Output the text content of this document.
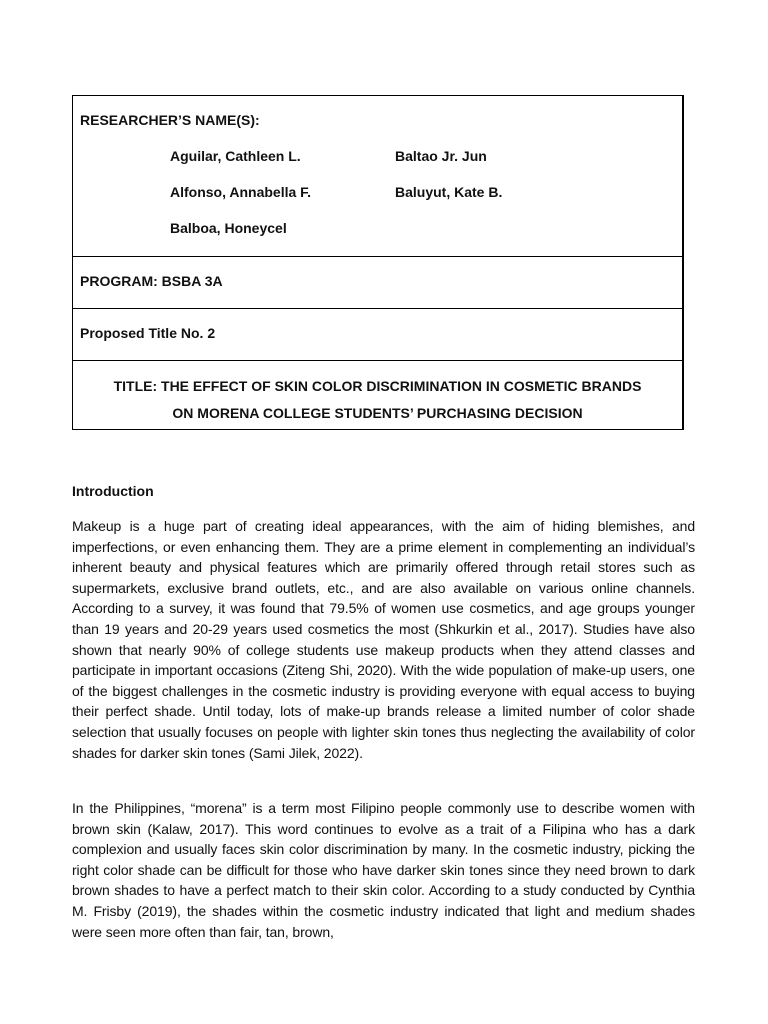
RESEARCHER’S NAME(S):
Aguilar, Cathleen L.	Baltao Jr. Jun
Alfonso, Annabella F.	Baluyut, Kate B.
Balboa, Honeycel
PROGRAM: BSBA 3A
Proposed Title No. 2
TITLE: THE EFFECT OF SKIN COLOR DISCRIMINATION IN COSMETIC BRANDS
ON MORENA COLLEGE STUDENTS’ PURCHASING DECISION
Introduction

Makeup is a huge part of creating ideal appearances, with the aim of hiding blemishes, and imperfections, or even enhancing them. They are a prime element in complementing an individual’s inherent beauty and physical features which are primarily offered through retail stores such as supermarkets, exclusive brand outlets, etc., and are also available on various online channels. According to a survey, it was found that 79.5% of women use cosmetics, and age groups younger than 19 years and 20-29 years used cosmetics the most (Shkurkin et al., 2017). Studies have also shown that nearly 90% of college students use makeup products when they attend classes and participate in important occasions (Ziteng Shi, 2020). With the wide population of make-up users, one of the biggest challenges in the cosmetic industry is providing everyone with equal access to buying their perfect shade. Until today, lots of make-up brands release a limited number of color shade selection that usually focuses on people with lighter skin tones thus neglecting the availability of color shades for darker skin tones (Sami Jilek, 2022).

In the Philippines, “morena” is a term most Filipino people commonly use to describe women with brown skin (Kalaw, 2017). This word continues to evolve as a trait of a Filipina who has a dark complexion and usually faces skin color discrimination by many. In the cosmetic industry, picking the right color shade can be difficult for those who have darker skin tones since they need brown to dark brown shades to have a perfect match to their skin color. According to a study conducted by Cynthia M. Frisby (2019), the shades within the cosmetic industry indicated that light and medium shades were seen more often than fair, tan, brown,
